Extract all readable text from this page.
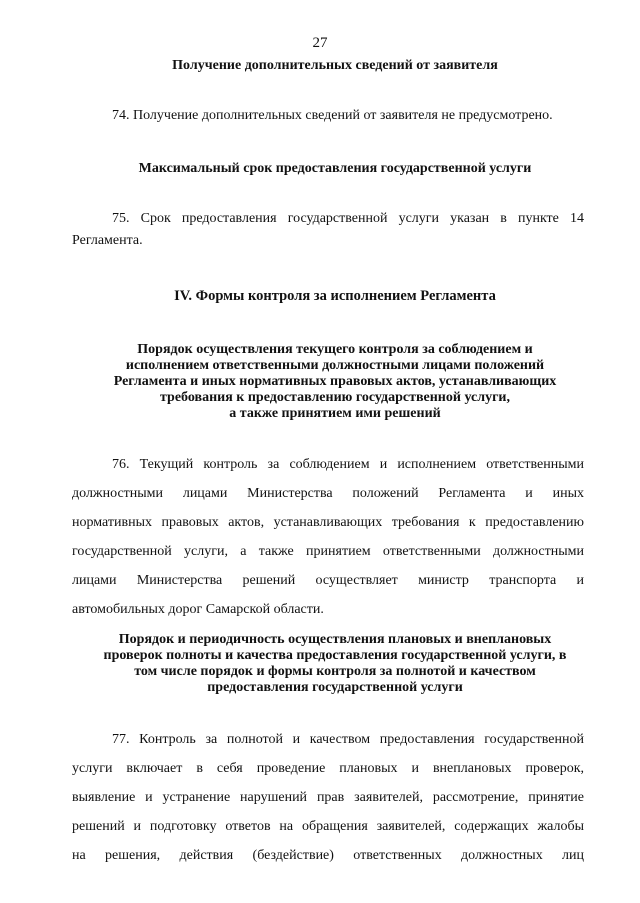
27
Получение дополнительных сведений от заявителя
74. Получение дополнительных сведений от заявителя не предусмотрено.
Максимальный срок предоставления государственной услуги
75. Срок предоставления государственной услуги указан в пункте 14
Регламента.
IV. Формы контроля за исполнением Регламента
Порядок осуществления текущего контроля за соблюдением и
исполнением ответственными должностными лицами положений
Регламента и иных нормативных правовых актов, устанавливающих
требования к предоставлению государственной услуги,
а также принятием ими решений
76. Текущий контроль за соблюдением и исполнением ответственными
должностными лицами Министерства положений Регламента и иных
нормативных правовых актов, устанавливающих требования к предоставлению
государственной услуги, а также принятием ответственными должностными
лицами Министерства решений осуществляет министр транспорта и
автомобильных дорог Самарской области.
Порядок и периодичность осуществления плановых и внеплановых
проверок полноты и качества предоставления государственной услуги, в
том числе порядок и формы контроля за полнотой и качеством
предоставления государственной услуги
77. Контроль за полнотой и качеством предоставления государственной
услуги включает в себя проведение плановых и внеплановых проверок,
выявление и устранение нарушений прав заявителей, рассмотрение, принятие
решений и подготовку ответов на обращения заявителей, содержащих жалобы
на решения, действия (бездействие) ответственных должностных лиц
